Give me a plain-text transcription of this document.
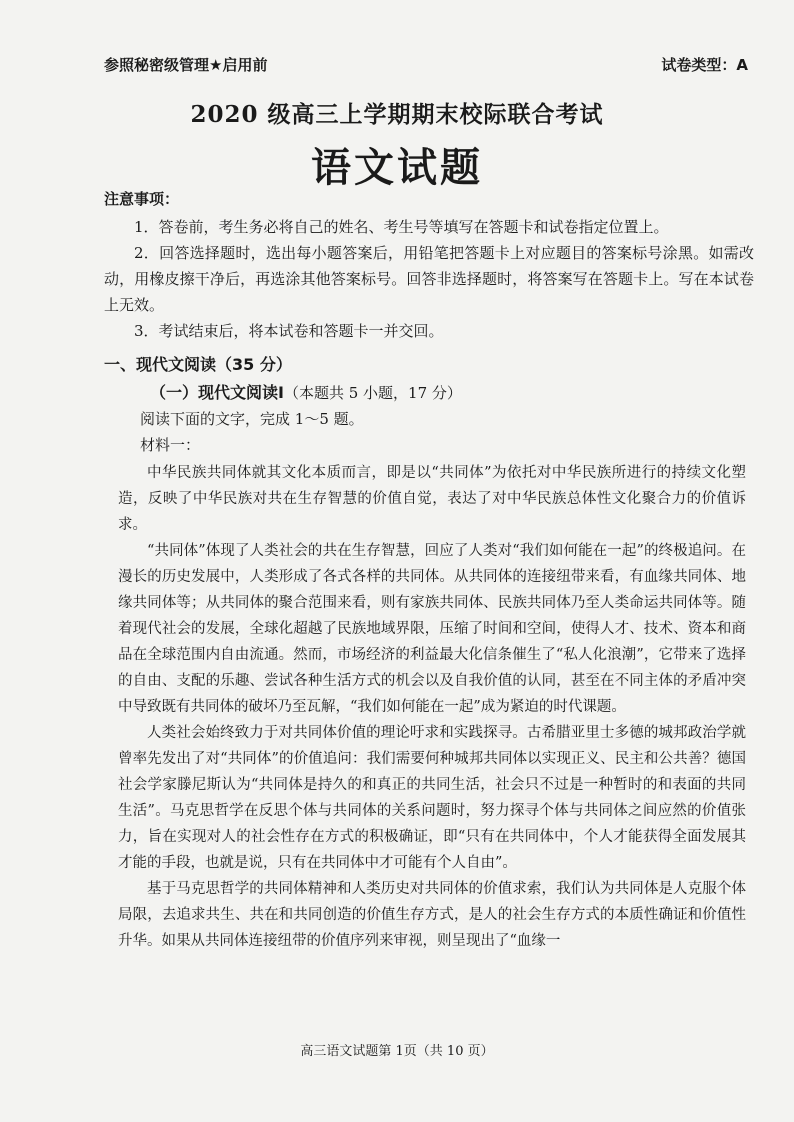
参照秘密级管理★启用前	试卷类型：A
2020 级高三上学期期末校际联合考试
语文试题
注意事项：

1．答卷前，考生务必将自己的姓名、考生号等填写在答题卡和试卷指定位置上。

2．回答选择题时，选出每小题答案后，用铅笔把答题卡上对应题目的答案标号涂黑。如需改动，用橡皮擦干净后，再选涂其他答案标号。回答非选择题时，将答案写在答题卡上。写在本试卷上无效。

3．考试结束后，将本试卷和答题卡一并交回。

一、现代文阅读（35 分）
（一）现代文阅读Ⅰ（本题共 5 小题，17 分）
阅读下面的文字，完成 1～5 题。
材料一：

中华民族共同体就其文化本质而言，即是以“共同体”为依托对中华民族所进行的持续文化塑造，反映了中华民族对共在生存智慧的价值自觉，表达了对中华民族总体性文化聚合力的价值诉求。

“共同体”体现了人类社会的共在生存智慧，回应了人类对“我们如何能在一起”的终极追问。在漫长的历史发展中，人类形成了各式各样的共同体。从共同体的连接纽带来看，有血缘共同体、地缘共同体等；从共同体的聚合范围来看，则有家族共同体、民族共同体乃至人类命运共同体等。随着现代社会的发展，全球化超越了民族地域界限，压缩了时间和空间，使得人才、技术、资本和商品在全球范围内自由流通。然而，市场经济的利益最大化信条催生了“私人化浪潮”，它带来了选择的自由、支配的乐趣、尝试各种生活方式的机会以及自我价值的认同，甚至在不同主体的矛盾冲突中导致既有共同体的破坏乃至瓦解，“我们如何能在一起”成为紧迫的时代课题。

人类社会始终致力于对共同体价值的理论吁求和实践探寻。古希腊亚里士多德的城邦政治学就曾率先发出了对“共同体”的价值追问：我们需要何种城邦共同体以实现正义、民主和公共善？德国社会学家滕尼斯认为“共同体是持久的和真正的共同生活，社会只不过是一种暂时的和表面的共同生活”。马克思哲学在反思个体与共同体的关系问题时，努力探寻个体与共同体之间应然的价值张力，旨在实现对人的社会性存在方式的积极确证，即“只有在共同体中，个人才能获得全面发展其才能的手段，也就是说，只有在共同体中才可能有个人自由”。

基于马克思哲学的共同体精神和人类历史对共同体的价值求索，我们认为共同体是人克服个体局限，去追求共生、共在和共同创造的价值生存方式，是人的社会生存方式的本质性确证和价值性升华。如果从共同体连接纽带的价值序列来审视，则呈现出了“血缘一

高三语文试题第 1页（共 10 页）
